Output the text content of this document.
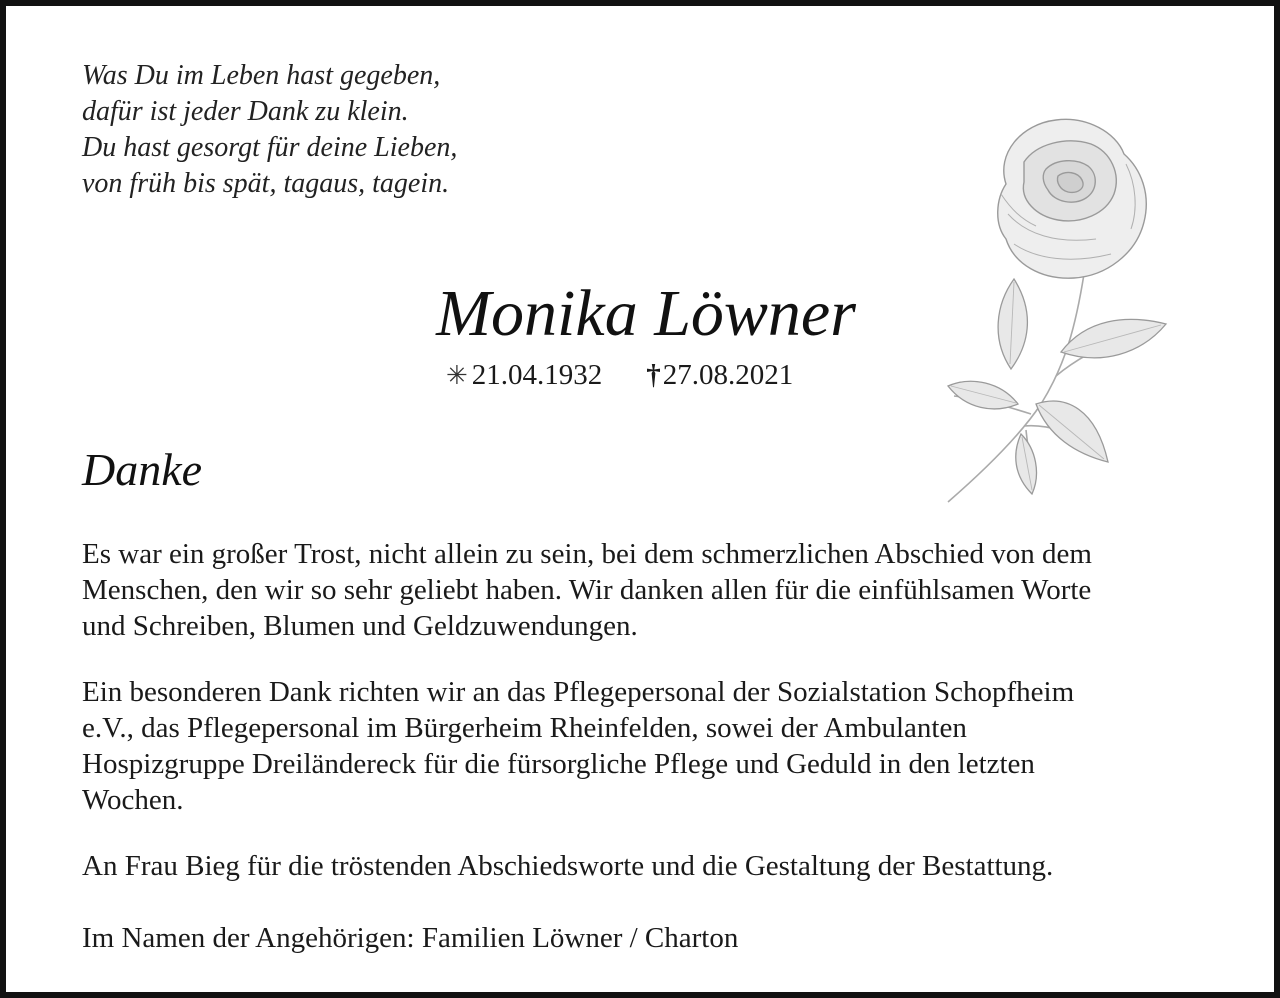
Was Du im Leben hast gegeben,
dafür ist jeder Dank zu klein.
Du hast gesorgt für deine Lieben,
von früh bis spät, tagaus, tagein.
Monika Löwner
✳ 21.04.1932 †27.08.2021
Danke
Es war ein großer Trost, nicht allein zu sein, bei dem schmerzlichen Abschied von dem
Menschen, den wir so sehr geliebt haben. Wir danken allen für die einfühlsamen Worte
und Schreiben, Blumen und Geldzuwendungen.
Ein besonderen Dank richten wir an das Pflegepersonal der Sozialstation Schopfheim
e.V., das Pflegepersonal im Bürgerheim Rheinfelden, sowei der Ambulanten
Hospizgruppe Dreiländereck für die fürsorgliche Pflege und Geduld in den letzten
Wochen.
An Frau Bieg für die tröstenden Abschiedsworte und die Gestaltung der Bestattung.
Im Namen der Angehörigen: Familien Löwner / Charton
